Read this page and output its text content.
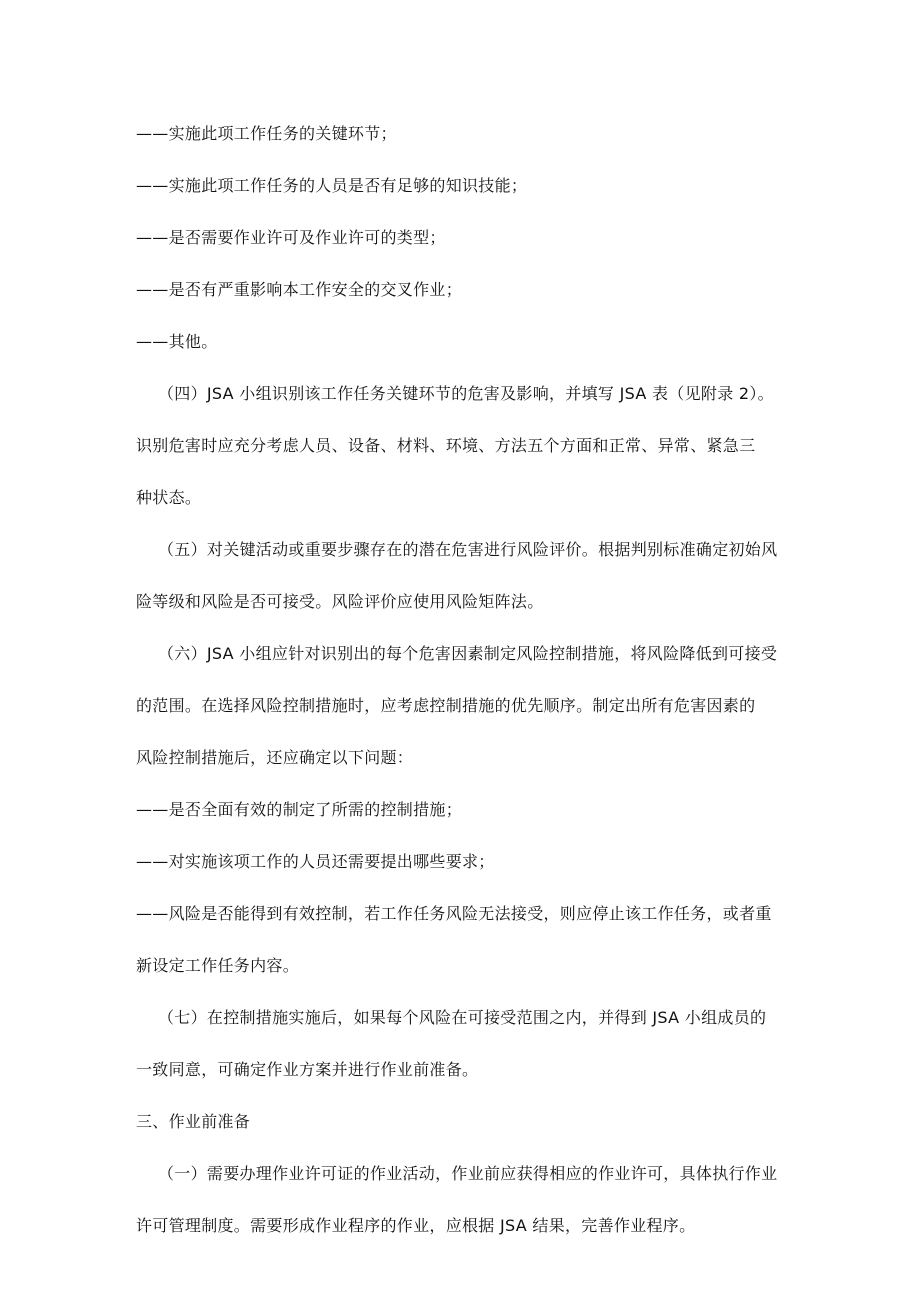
——实施此项工作任务的关键环节；
——实施此项工作任务的人员是否有足够的知识技能；
——是否需要作业许可及作业许可的类型；
——是否有严重影响本工作安全的交叉作业；
——其他。
（四）JSA 小组识别该工作任务关键环节的危害及影响，并填写 JSA 表（见附录 2）。
识别危害时应充分考虑人员、设备、材料、环境、方法五个方面和正常、异常、紧急三
种状态。
（五）对关键活动或重要步骤存在的潜在危害进行风险评价。根据判别标准确定初始风
险等级和风险是否可接受。风险评价应使用风险矩阵法。
（六）JSA 小组应针对识别出的每个危害因素制定风险控制措施，将风险降低到可接受
的范围。在选择风险控制措施时，应考虑控制措施的优先顺序。制定出所有危害因素的
风险控制措施后，还应确定以下问题：
——是否全面有效的制定了所需的控制措施；
——对实施该项工作的人员还需要提出哪些要求；
——风险是否能得到有效控制，若工作任务风险无法接受，则应停止该工作任务，或者重
新设定工作任务内容。
（七）在控制措施实施后，如果每个风险在可接受范围之内，并得到 JSA 小组成员的
一致同意，可确定作业方案并进行作业前准备。
三、作业前准备
（一）需要办理作业许可证的作业活动，作业前应获得相应的作业许可，具体执行作业
许可管理制度。需要形成作业程序的作业，应根据 JSA 结果，完善作业程序。
